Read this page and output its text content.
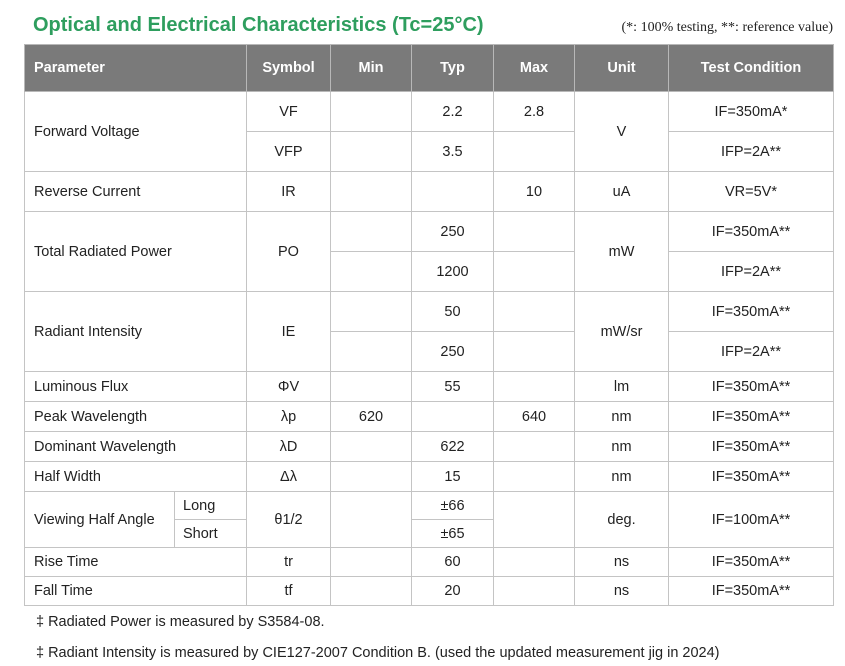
Optical and Electrical Characteristics (Tc=25°C)	(*: 100% testing, **: reference value)
Parameter		Symbol	Min	Typ	Max	Unit	Test Condition
Forward Voltage		VF		2.2	2.8	V	IF=350mA*
		VFP		3.5			IFP=2A**
Reverse Current		IR			10	uA	VR=5V*
Total Radiated Power		PO		250		mW	IF=350mA**
				1200			IFP=2A**
Radiant Intensity		IE		50		mW/sr	IF=350mA**
				250			IFP=2A**
Luminous Flux		ΦV		55		lm	IF=350mA**
Peak Wavelength		λp	620		640	nm	IF=350mA**
Dominant Wavelength		λD		622		nm	IF=350mA**
Half Width		Δλ		15		nm	IF=350mA**
Viewing Half Angle	Long	θ1/2		±66		deg.	IF=100mA**
	Short			±65			
Rise Time		tr		60		ns	IF=350mA**
Fall Time		tf		20		ns	IF=350mA**
‡ Radiated Power is measured by S3584-08.
‡ Radiant Intensity is measured by CIE127-2007 Condition B. (used the updated measurement jig in 2024)
